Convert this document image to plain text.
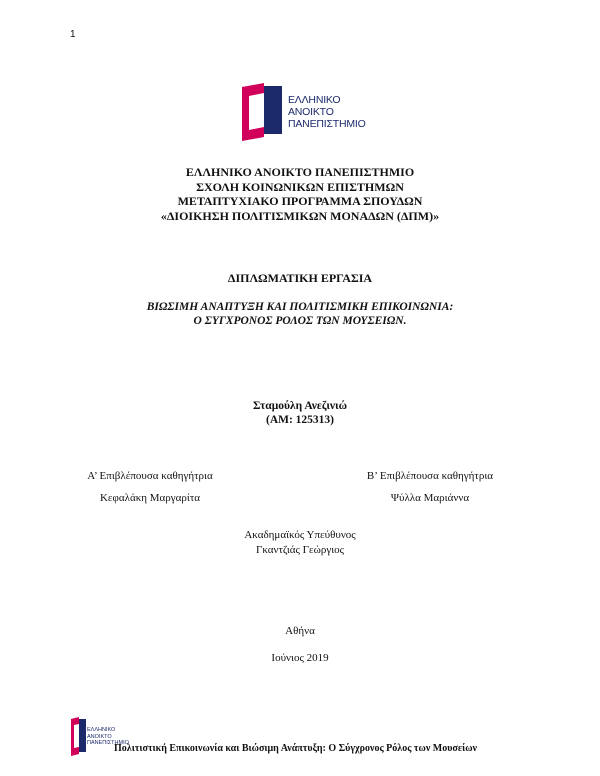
1
ΕΛΛΗΝΙΚΟ
ΑΝΟΙΚΤΟ
ΠΑΝΕΠΙΣΤΗΜΙΟ
ΕΛΛΗΝΙΚΟ ΑΝΟΙΚΤΟ ΠΑΝΕΠΙΣΤΗΜΙΟ
ΣΧΟΛΗ ΚΟΙΝΩΝΙΚΩΝ ΕΠΙΣΤΗΜΩΝ
ΜΕΤΑΠΤΥΧΙΑΚΟ ΠΡΟΓΡΑΜΜΑ ΣΠΟΥΔΩΝ
«ΔΙΟΙΚΗΣΗ ΠΟΛΙΤΙΣΜΙΚΩΝ ΜΟΝΑΔΩΝ (ΔΠΜ)»
ΔΙΠΛΩΜΑΤΙΚΗ ΕΡΓΑΣΙΑ
ΒΙΩΣΙΜΗ ΑΝΑΠΤΥΞΗ ΚΑΙ ΠΟΛΙΤΙΣΜΙΚΗ ΕΠΙΚΟΙΝΩΝΙΑ:
Ο ΣΥΓΧΡΟΝΟΣ ΡΟΛΟΣ ΤΩΝ ΜΟΥΣΕΙΩΝ.
Σταμούλη Ανεζινιώ
(ΑΜ: 125313)
Α’ Επιβλέπουσα καθηγήτρια
Κεφαλάκη Μαργαρίτα
Β’ Επιβλέπουσα καθηγήτρια
Ψύλλα Μαριάννα
Ακαδημαϊκός Υπεύθυνος
Γκαντζιάς Γεώργιος
Αθήνα
Ιούνιος 2019
ΕΛΛΗΝΙΚΟ
ΑΝΟΙΚΤΟ
ΠΑΝΕΠΙΣΤΗΜΙΟ
Πολιτιστική Επικοινωνία και Βιώσιμη Ανάπτυξη: Ο Σύγχρονος Ρόλος των Μουσείων
